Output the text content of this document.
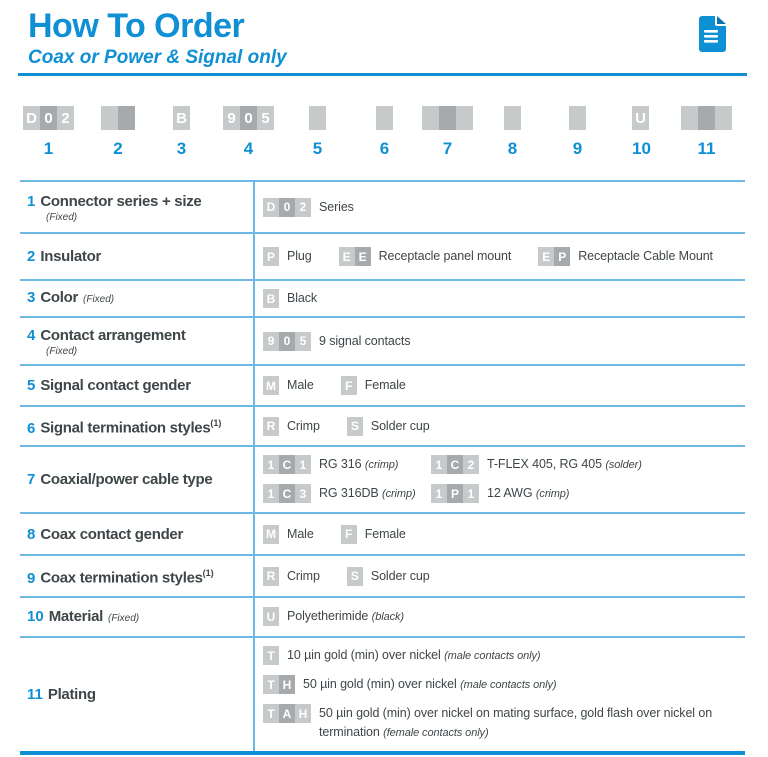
How To Order
Coax or Power & Signal only
D 0 2
1	2
B
3
9 0 5
4	5	6	7	8	9
U
10	11
1 Connector series + size
(Fixed)
D 0 2	Series
2 Insulator	P Plug	E E Receptacle panel mount	E P Receptacle Cable Mount
3 Color (Fixed)	B Black
4 Contact arrangement
(Fixed)
9 0 5	9 signal contacts
5 Signal contact gender	M Male	F Female
6 Signal termination styles$^{(1)}$	R Crimp	S Solder cup
7 Coaxial/power cable type
1 C 1	RG 316 (crimp)	1 C 2	T-FLEX 405, RG 405 (solder)
1 C 3	RG 316DB (crimp)	1 P 1	12 AWG (crimp)
8 Coax contact gender	M Male	F Female
9 Coax termination styles$^{(1)}$	R Crimp	S Solder cup
10 Material (Fixed)	U Polyetherimide (black)
11 Plating
T 10 µin gold (min) over nickel (male contacts only)
T H 50 µin gold (min) over nickel (male contacts only)
T A H 50 µin gold (min) over nickel on mating surface, gold flash over nickel on termination (female contacts only)
